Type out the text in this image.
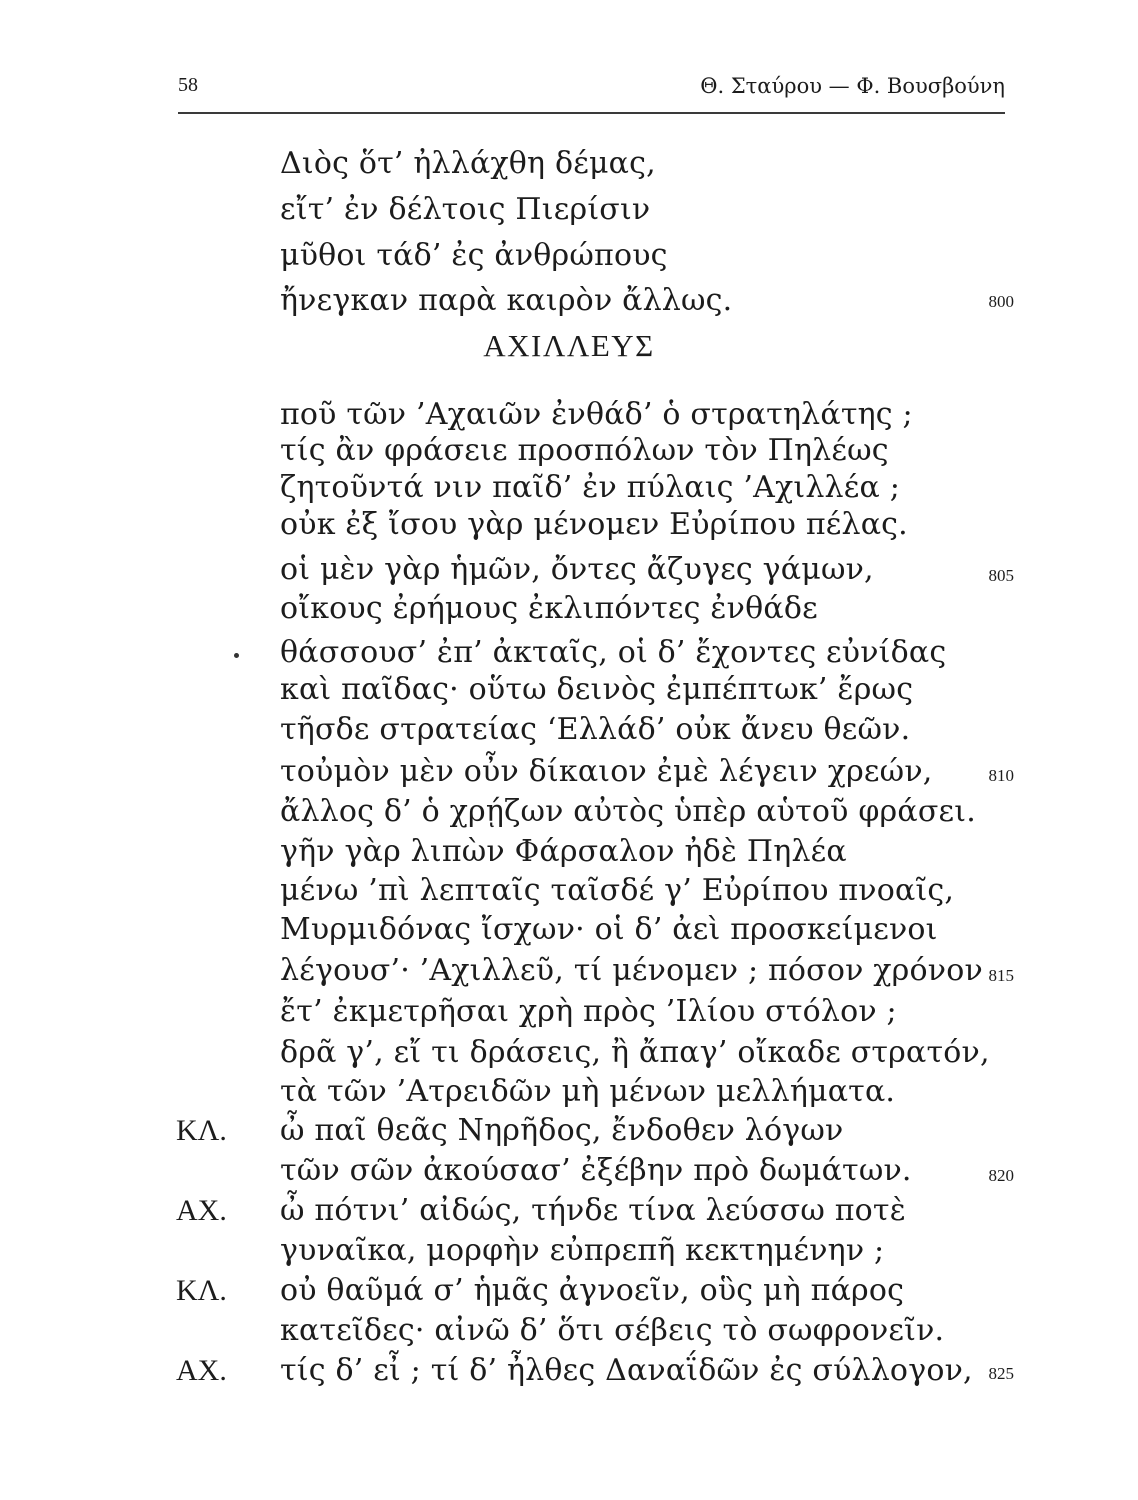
58	Θ. Σταύρου — Φ. Βουσβούνη
Διὸς ὅτ’ ἠλλάχθη δέμας,
εἴτ’ ἐν δέλτοις Πιερίσιν
μῦθοι τάδ’ ἐς ἀνθρώπους
ἤνεγκαν παρὰ καιρὸν ἄλλως.	800
ΑΧΙΛΛΕΥΣ
ποῦ τῶν ’Αχαιῶν ἐνθάδ’ ὁ στρατηλάτης ;
τίς ἂν φράσειε προσπόλων τὸν Πηλέως
ζητοῦντά νιν παῖδ’ ἐν πύλαις ’Αχιλλέα ;
οὐκ ἐξ ἴσου γὰρ μένομεν Εὐρίπου πέλας.
οἱ μὲν γὰρ ἡμῶν, ὄντες ἄζυγες γάμων,	805
οἴκους ἐρήμους ἐκλιπόντες ἐνθάδε
θάσσουσ’ ἐπ’ ἀκταῖς, οἱ δ’ ἔχοντες εὐνίδας
καὶ παῖδας· οὕτω δεινὸς ἐμπέπτωκ’ ἔρως
τῆσδε στρατείας ‘Ελλάδ’ οὐκ ἄνευ θεῶν.
τοὐμὸν μὲν οὖν δίκαιον ἐμὲ λέγειν χρεών,	810
ἄλλος δ’ ὁ χρῄζων αὐτὸς ὑπὲρ αὑτοῦ φράσει.
γῆν γὰρ λιπὼν Φάρσαλον ἠδὲ Πηλέα
μένω ’πὶ λεπταῖς ταῖσδέ γ’ Εὐρίπου πνοαῖς,
Μυρμιδόνας ἴσχων· οἱ δ’ ἀεὶ προσκείμενοι
λέγουσ’· ’Αχιλλεῦ, τί μένομεν ; πόσον χρόνον 815
ἔτ’ ἐκμετρῆσαι χρὴ πρὸς ’Ιλίου στόλον ;
δρᾶ γ’, εἴ τι δράσεις, ἢ ἄπαγ’ οἴκαδε στρατόν,
τὰ τῶν ’Ατρειδῶν μὴ μένων μελλήματα.
ΚΛ. ὦ παῖ θεᾶς Νηρῆδος, ἔνδοθεν λόγων
τῶν σῶν ἀκούσασ’ ἐξέβην πρὸ δωμάτων.	820
ΑΧ. ὦ πότνι’ αἰδώς, τήνδε τίνα λεύσσω ποτὲ
γυναῖκα, μορφὴν εὐπρεπῆ κεκτημένην ;
ΚΛ. οὐ θαῦμά σ’ ἡμᾶς ἀγνοεῖν, οὓς μὴ πάρος
κατεῖδες· αἰνῶ δ’ ὅτι σέβεις τὸ σωφρονεῖν.
ΑΧ. τίς δ’ εἶ ; τί δ’ ἦλθες Δαναΐδῶν ἐς σύλλογον, 825
